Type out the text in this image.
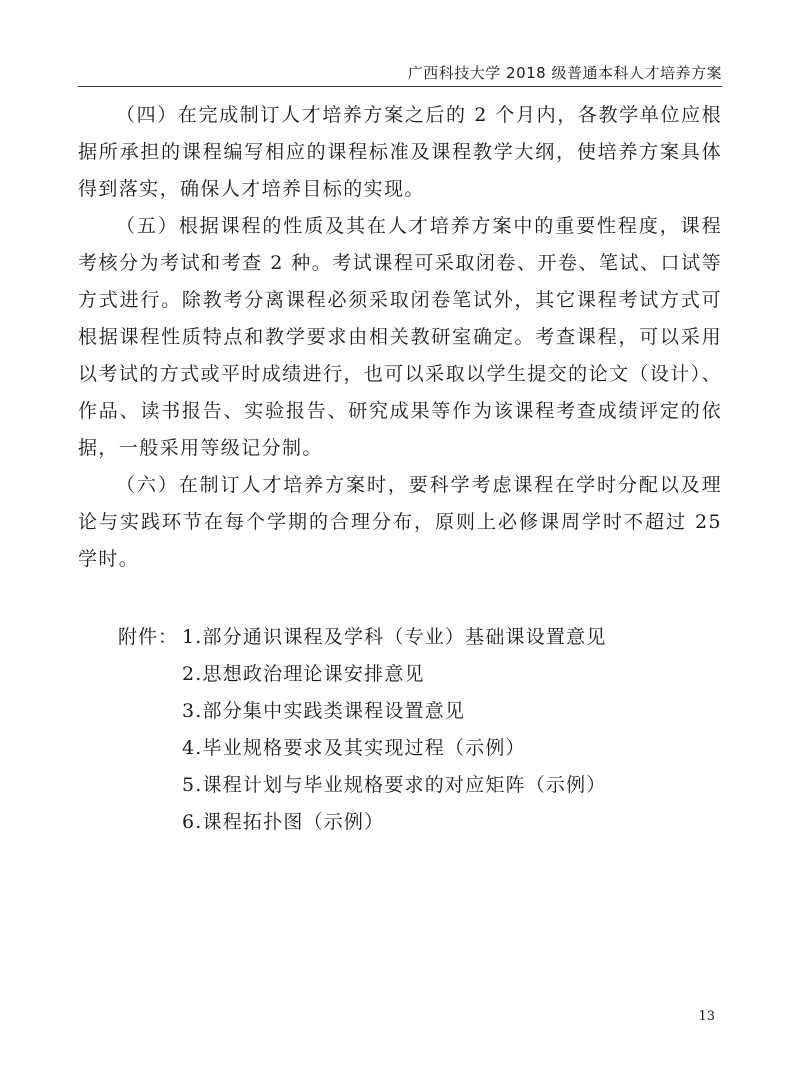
广西科技大学 2018 级普通本科人才培养方案

（四）在完成制订人才培养方案之后的 2 个月内，各教学单位应根据所承担的课程编写相应的课程标准及课程教学大纲，使培养方案具体得到落实，确保人才培养目标的实现。

（五）根据课程的性质及其在人才培养方案中的重要性程度，课程考核分为考试和考查 2 种。考试课程可采取闭卷、开卷、笔试、口试等方式进行。除教考分离课程必须采取闭卷笔试外，其它课程考试方式可根据课程性质特点和教学要求由相关教研室确定。考查课程，可以采用以考试的方式或平时成绩进行，也可以采取以学生提交的论文（设计）、作品、读书报告、实验报告、研究成果等作为该课程考查成绩评定的依据，一般采用等级记分制。

（六）在制订人才培养方案时，要科学考虑课程在学时分配以及理论与实践环节在每个学期的合理分布，原则上必修课周学时不超过 25 学时。

附件： 1.部分通识课程及学科（专业）基础课设置意见
2.思想政治理论课安排意见
3.部分集中实践类课程设置意见
4.毕业规格要求及其实现过程（示例）
5.课程计划与毕业规格要求的对应矩阵（示例）
6.课程拓扑图（示例）
13
